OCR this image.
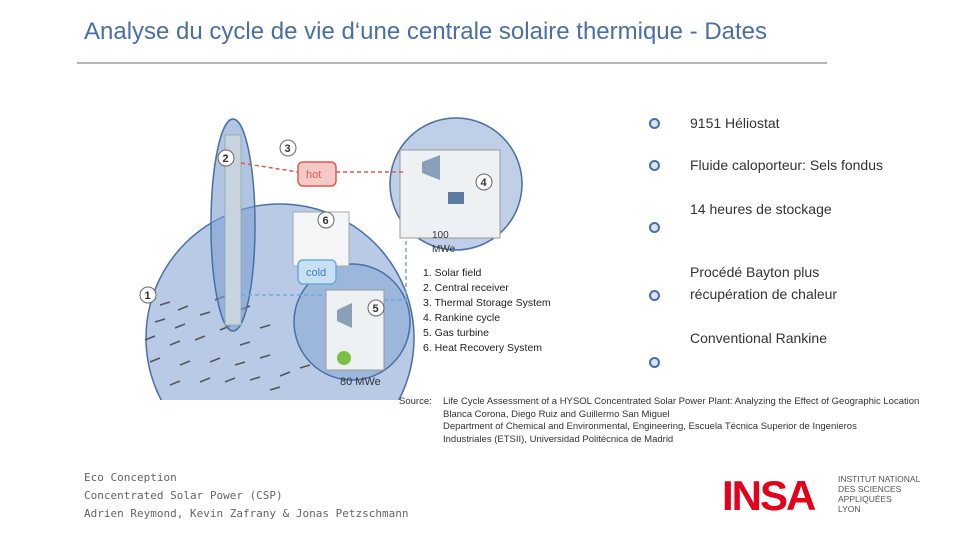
Analyse du cycle de vie d‘une centrale solaire thermique - Dates
hot
cold
3
2
4
6
1
5
100
MWe
80 MWe
1. Solar field
2. Central receiver
3. Thermal Storage System
4. Rankine cycle
5. Gas turbine
6. Heat Recovery System
9151 Héliostat
Fluide caloporteur: Sels fondus
14 heures de stockage
Procédé Bayton plus récupération de chaleur
Conventional Rankine
Source: Life Cycle Assessment of a HYSOL Concentrated Solar Power Plant: Analyzing the Effect of Geographic Location
Blanca Corona, Diego Ruiz and Guillermo San Miguel
Department of Chemical and Environmental, Engineering, Escuela Técnica Superior de Ingenieros
Industriales (ETSII), Universidad Politécnica de Madrid
Eco Conception
Concentrated Solar Power (CSP)
Adrien Reymond, Kevin Zafrany & Jonas Petzschmann	INSA	INSTITUT NATIONAL
DES SCIENCES
APPLIQUÉES
LYON
